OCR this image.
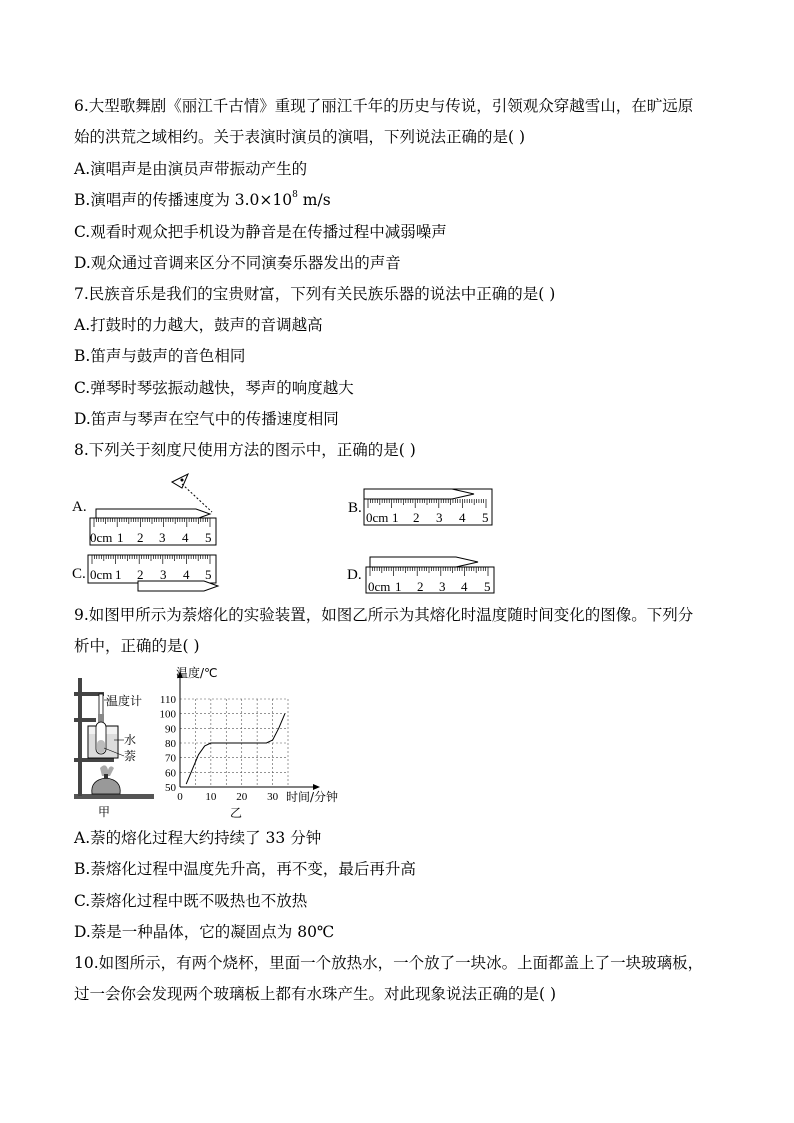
6.大型歌舞剧《丽江千古情》重现了丽江千年的历史与传说，引领观众穿越雪山，在旷远原
始的洪荒之域相约。关于表演时演员的演唱，下列说法正确的是( )
A.演唱声是由演员声带振动产生的
B.演唱声的传播速度为 $3.0\times 10^8$ m/s
C.观看时观众把手机设为静音是在传播过程中减弱噪声
D.观众通过音调来区分不同演奏乐器发出的声音
7.民族音乐是我们的宝贵财富，下列有关民族乐器的说法中正确的是( )
A.打鼓时的力越大，鼓声的音调越高
B.笛声与鼓声的音色相同
C.弹琴时琴弦振动越快，琴声的响度越大
D.笛声与琴声在空气中的传播速度相同
8.下列关于刻度尺使用方法的图示中，正确的是( )
A.	B.
C.	D.
0cm 1 2 3 4 5
0cm 1 2 3 4 5
0cm 1 2 3 4 5
0cm 1 2 3 4 5
9.如图甲所示为萘熔化的实验装置，如图乙所示为其熔化时温度随时间变化的图像。下列分
析中，正确的是( )
温度计
水
萘
甲
50
60
70
80
90
100
110
0 10 20 30
温度/℃
时间/分钟
乙
A.萘的熔化过程大约持续了 33 分钟
B.萘熔化过程中温度先升高，再不变，最后再升高
C.萘熔化过程中既不吸热也不放热
D.萘是一种晶体，它的凝固点为 80℃
10.如图所示，有两个烧杯，里面一个放热水，一个放了一块冰。上面都盖上了一块玻璃板，
过一会你会发现两个玻璃板上都有水珠产生。对此现象说法正确的是( )
